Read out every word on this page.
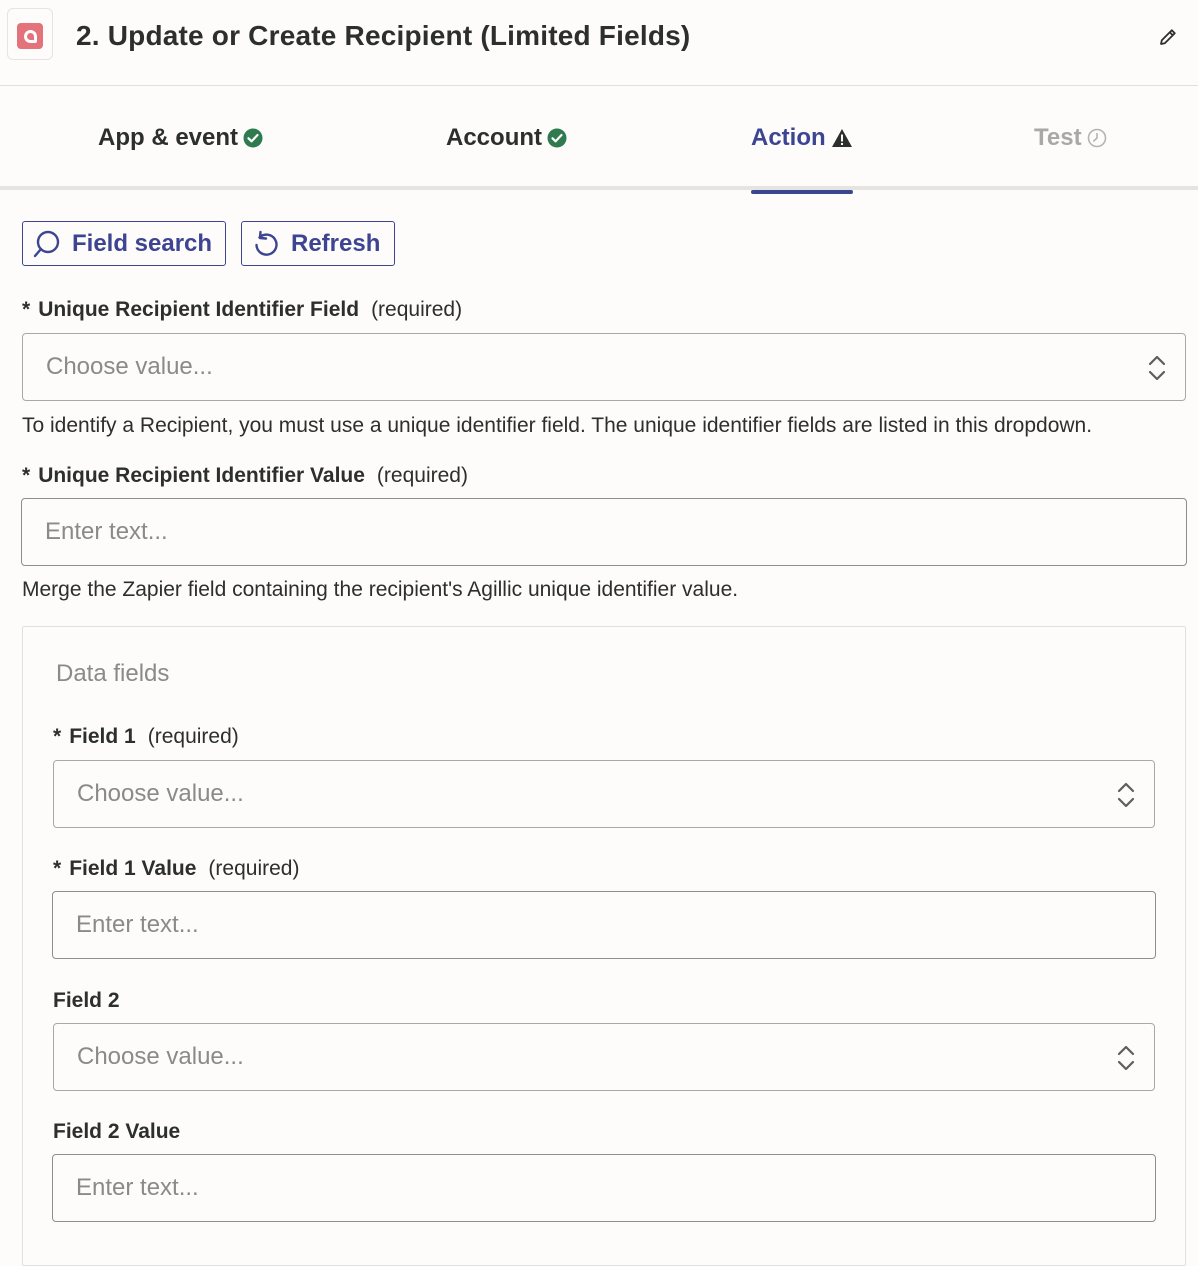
2. Update or Create Recipient (Limited Fields)
App & event	Account	Action	Test
Field search	Refresh
* Unique Recipient Identifier Field (required)
Choose value...
To identify a Recipient, you must use a unique identifier field. The unique identifier fields are listed in this dropdown.
* Unique Recipient Identifier Value (required)
Enter text...
Merge the Zapier field containing the recipient's Agillic unique identifier value.
Data fields
* Field 1 (required)
Choose value...
* Field 1 Value (required)
Enter text...
Field 2
Choose value...
Field 2 Value
Enter text...
